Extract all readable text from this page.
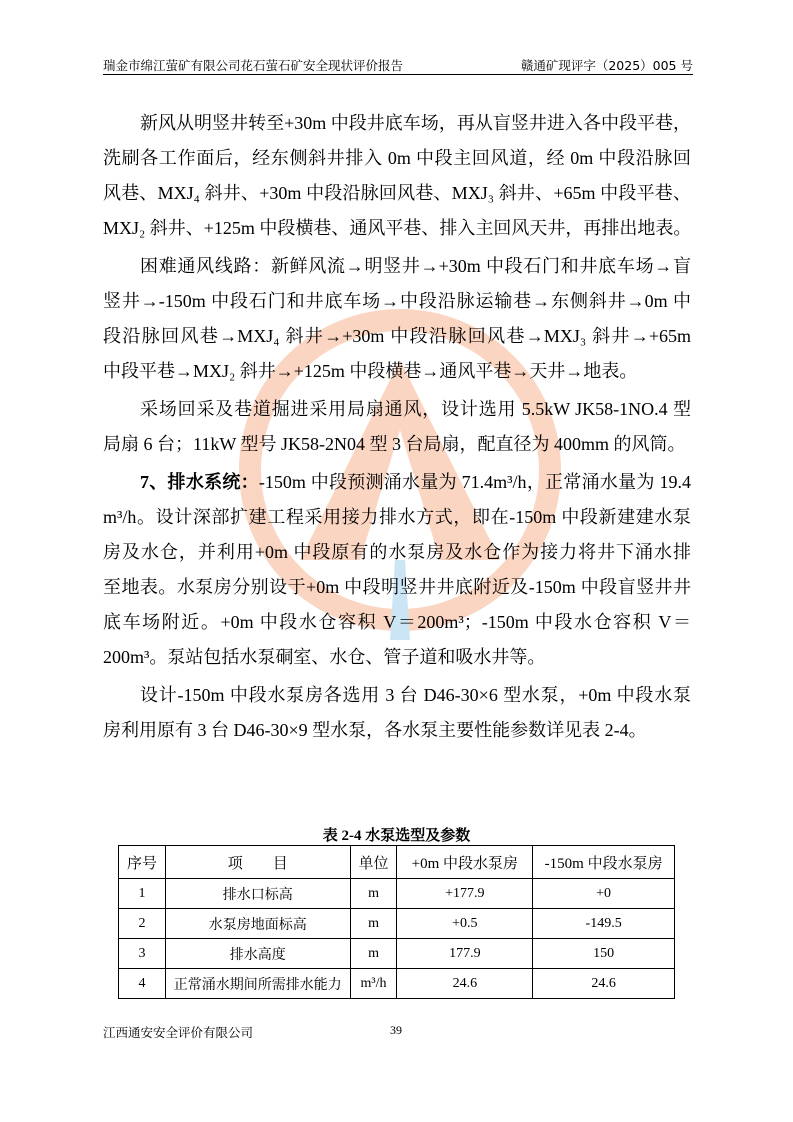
瑞金市绵江萤矿有限公司花石萤石矿安全现状评价报告	赣通矿现评字（2025）005 号
新风从明竖井转至+30m 中段井底车场，再从盲竖井进入各中段平巷，
洗刷各工作面后，经东侧斜井排入 0m 中段主回风道，经 0m 中段沿脉回
风巷、MXJ₄ 斜井、+30m 中段沿脉回风巷、MXJ₃ 斜井、+65m 中段平巷、
MXJ₂ 斜井、+125m 中段横巷、通风平巷、排入主回风天井，再排出地表。
困难通风线路：新鲜风流→明竖井→+30m 中段石门和井底车场→盲
竖井→-150m 中段石门和井底车场→中段沿脉运输巷→东侧斜井→0m 中
段沿脉回风巷→MXJ₄ 斜井→+30m 中段沿脉回风巷→MXJ₃ 斜井→+65m
中段平巷→MXJ₂ 斜井→+125m 中段横巷→通风平巷→天井→地表。
采场回采及巷道掘进采用局扇通风，设计选用 5.5kW JK58-1NO.4 型
局扇 6 台；11kW 型号 JK58-2N04 型 3 台局扇，配直径为 400mm 的风筒。
7、排水系统：-150m 中段预测涌水量为 71.4m³/h，正常涌水量为 19.4
m³/h。设计深部扩建工程采用接力排水方式，即在-150m 中段新建建水泵
房及水仓，并利用+0m 中段原有的水泵房及水仓作为接力将井下涌水排
至地表。水泵房分别设于+0m 中段明竖井井底附近及-150m 中段盲竖井井
底车场附近。+0m 中段水仓容积 V＝200m³；-150m 中段水仓容积 V＝
200m³。泵站包括水泵硐室、水仓、管子道和吸水井等。
设计-150m 中段水泵房各选用 3 台 D46-30×6 型水泵，+0m 中段水泵
房利用原有 3 台 D46-30×9 型水泵，各水泵主要性能参数详见表 2-4。
表 2-4 水泵选型及参数
序号	项　　目	单位	+0m 中段水泵房	-150m 中段水泵房
1	排水口标高	m	+177.9	+0
2	水泵房地面标高	m	+0.5	-149.5
3	排水高度	m	177.9	150
4	正常涌水期间所需排水能力	m³/h	24.6	24.6
江西通安安全评价有限公司	39
